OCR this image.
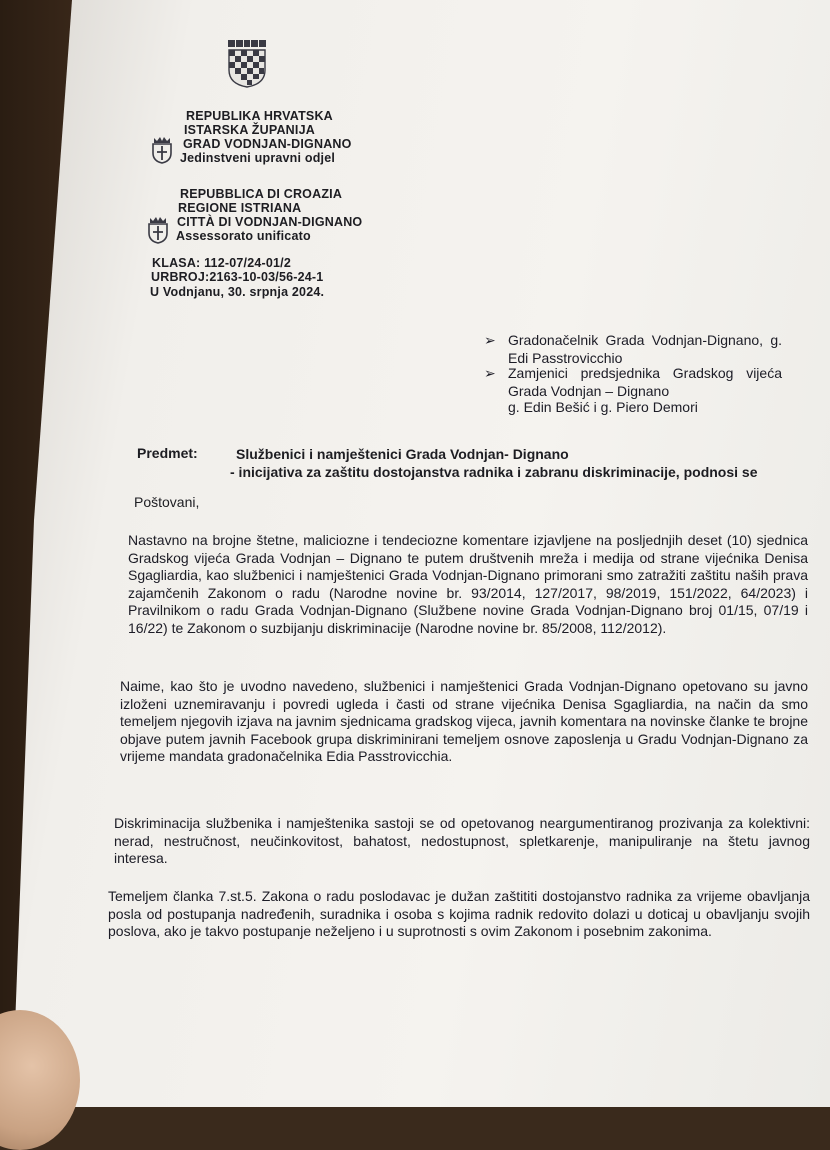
REPUBLIKA HRVATSKA
ISTARSKA ŽUPANIJA
GRAD VODNJAN-DIGNANO
Jedinstveni upravni odjel
REPUBBLICA DI CROAZIA
REGIONE ISTRIANA
CITTÀ DI VODNJAN-DIGNANO
Assessorato unificato
KLASA: 112-07/24-01/2
URBROJ:2163-10-03/56-24-1
U Vodnjanu, 30. srpnja 2024.
➢ Gradonačelnik Grada Vodnjan-Dignano, g. Edi Passtrovicchio
➢ Zamjenici predsjednika Gradskog vijeća Grada Vodnjan – Dignano
g. Edin Bešić i g. Piero Demori
Predmet:	Službenici i namještenici Grada Vodnjan- Dignano
- inicijativa za zaštitu dostojanstva radnika i zabranu diskriminacije, podnosi se
Poštovani,
Nastavno na brojne štetne, maliciozne i tendeciozne komentare izjavljene na posljednjih deset (10) sjednica Gradskog vijeća Grada Vodnjan – Dignano te putem društvenih mreža i medija od strane vijećnika Denisa Sgagliardia, kao službenici i namještenici Grada Vodnjan-Dignano primorani smo zatražiti zaštitu naših prava zajamčenih Zakonom o radu (Narodne novine br. 93/2014, 127/2017, 98/2019, 151/2022, 64/2023) i Pravilnikom o radu Grada Vodnjan-Dignano (Službene novine Grada Vodnjan-Dignano broj 01/15, 07/19 i 16/22) te Zakonom o suzbijanju diskriminacije (Narodne novine br. 85/2008, 112/2012).
Naime, kao što je uvodno navedeno, službenici i namještenici Grada Vodnjan-Dignano opetovano su javno izloženi uznemiravanju i povredi ugleda i časti od strane vijećnika Denisa Sgagliardia, na način da smo temeljem njegovih izjava na javnim sjednicama gradskog vijeca, javnih komentara na novinske članke te brojne objave putem javnih Facebook grupa diskriminirani temeljem osnove zaposlenja u Gradu Vodnjan-Dignano za vrijeme mandata gradonačelnika Edia Passtrovicchia.
Diskriminacija službenika i namještenika sastoji se od opetovanog neargumentiranog prozivanja za kolektivni: nerad, nestručnost, neučinkovitost, bahatost, nedostupnost, spletkarenje, manipuliranje na štetu javnog interesa.
Temeljem članka 7.st.5. Zakona o radu poslodavac je dužan zaštititi dostojanstvo radnika za vrijeme obavljanja posla od postupanja nadređenih, suradnika i osoba s kojima radnik redovito dolazi u doticaj u obavljanju svojih poslova, ako je takvo postupanje neželjeno i u suprotnosti s ovim Zakonom i posebnim zakonima.
